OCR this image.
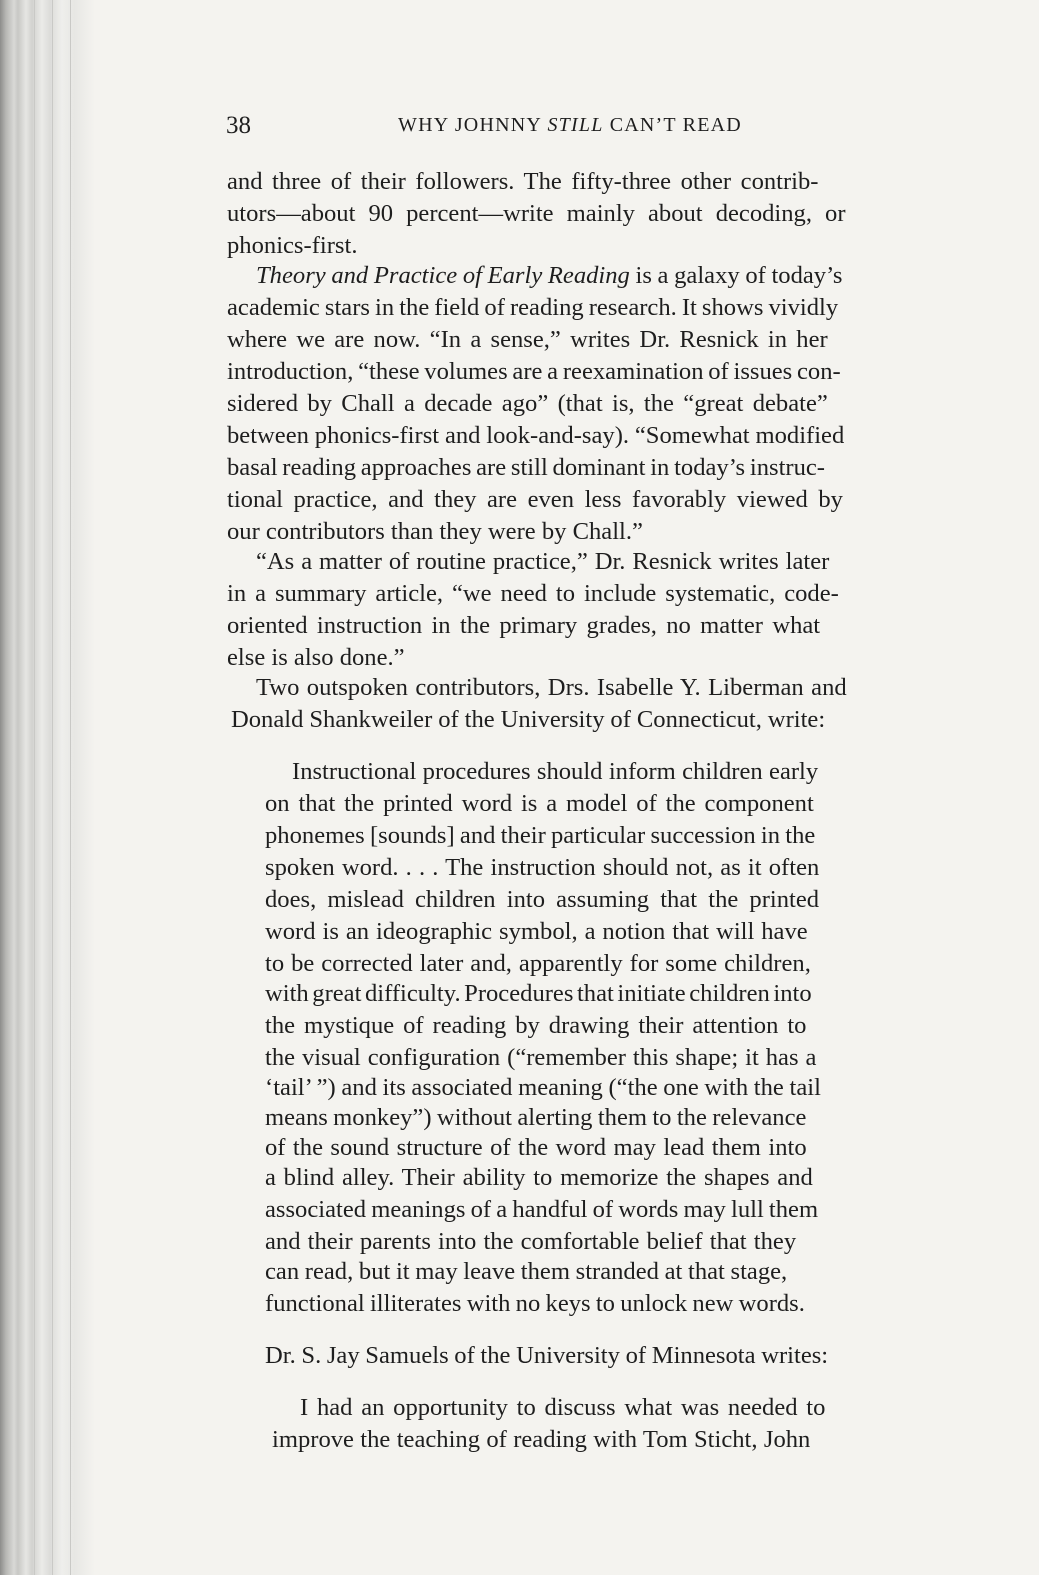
38	WHY JOHNNY STILL CAN’T READ
and three of their followers. The fifty-three other contrib-
utors—about 90 percent—write mainly about decoding, or
phonics-first.
Theory and Practice of Early Reading is a galaxy of today’s
academic stars in the field of reading research. It shows vividly
where we are now. “In a sense,” writes Dr. Resnick in her
introduction, “these volumes are a reexamination of issues con-
sidered by Chall a decade ago” (that is, the “great debate”
between phonics-first and look-and-say). “Somewhat modified
basal reading approaches are still dominant in today’s instruc-
tional practice, and they are even less favorably viewed by
our contributors than they were by Chall.”
“As a matter of routine practice,” Dr. Resnick writes later
in a summary article, “we need to include systematic, code-
oriented instruction in the primary grades, no matter what
else is also done.”
Two outspoken contributors, Drs. Isabelle Y. Liberman and
Donald Shankweiler of the University of Connecticut, write:
Instructional procedures should inform children early
on that the printed word is a model of the component
phonemes [sounds] and their particular succession in the
spoken word. . . . The instruction should not, as it often
does, mislead children into assuming that the printed
word is an ideographic symbol, a notion that will have
to be corrected later and, apparently for some children,
with great difficulty. Procedures that initiate children into
the mystique of reading by drawing their attention to
the visual configuration (“remember this shape; it has a
‘tail’ ”) and its associated meaning (“the one with the tail
means monkey”) without alerting them to the relevance
of the sound structure of the word may lead them into
a blind alley. Their ability to memorize the shapes and
associated meanings of a handful of words may lull them
and their parents into the comfortable belief that they
can read, but it may leave them stranded at that stage,
functional illiterates with no keys to unlock new words.
Dr. S. Jay Samuels of the University of Minnesota writes:
I had an opportunity to discuss what was needed to
improve the teaching of reading with Tom Sticht, John
